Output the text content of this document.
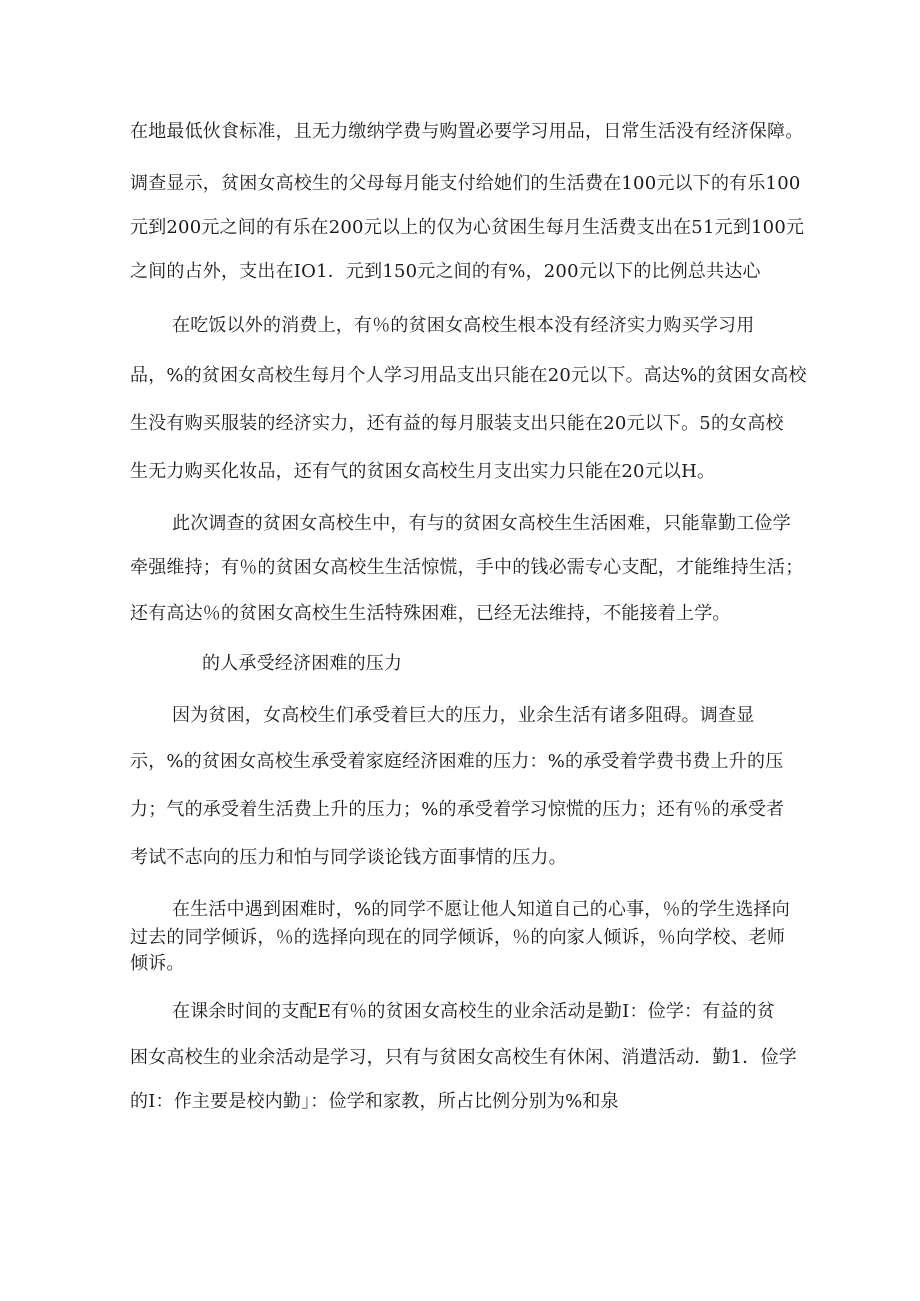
在地最低伙食标准，且无力缴纳学费与购置必要学习用品，日常生活没有经济保障。
调查显示，贫困女高校生的父母每月能支付给她们的生活费在100元以下的有乐100
元到200元之间的有乐在200元以上的仅为心贫困生每月生活费支出在51元到100元
之间的占外，支出在IO1．元到150元之间的有%，200元以下的比例总共达心
在吃饭以外的消费上，有％的贫困女高校生根本没有经济实力购买学习用
品，%的贫困女高校生每月个人学习用品支出只能在20元以下。高达%的贫困女高校
生没有购买服装的经济实力，还有益的每月服装支出只能在20元以下。5的女高校
生无力购买化妆品，还有气的贫困女高校生月支出实力只能在20元以H。
此次调查的贫困女高校生中，有与的贫困女高校生生活困难，只能靠勤工俭学
牵强维持；有％的贫困女高校生生活惊慌，手中的钱必需专心支配，才能维持生活；
还有高达％的贫困女高校生生活特殊困难，已经无法维持，不能接着上学。
的人承受经济困难的压力
因为贫困，女高校生们承受着巨大的压力，业余生活有诸多阻碍。调查显
示，%的贫困女高校生承受着家庭经济困难的压力：%的承受着学费书费上升的压
力；气的承受着生活费上升的压力；%的承受着学习惊慌的压力；还有％的承受者
考试不志向的压力和怕与同学谈论钱方面事情的压力。
在生活中遇到困难时，%的同学不愿让他人知道自己的心事，％的学生选择向
过去的同学倾诉，％的选择向现在的同学倾诉，％的向家人倾诉，％向学校、老师
倾诉。
在课余时间的支配E有％的贫困女高校生的业余活动是勤I：俭学：有益的贫
困女高校生的业余活动是学习，只有与贫困女高校生有休闲、消遣活动．勤1．俭学
的I：作主要是校内勤」：俭学和家教，所占比例分别为%和泉
